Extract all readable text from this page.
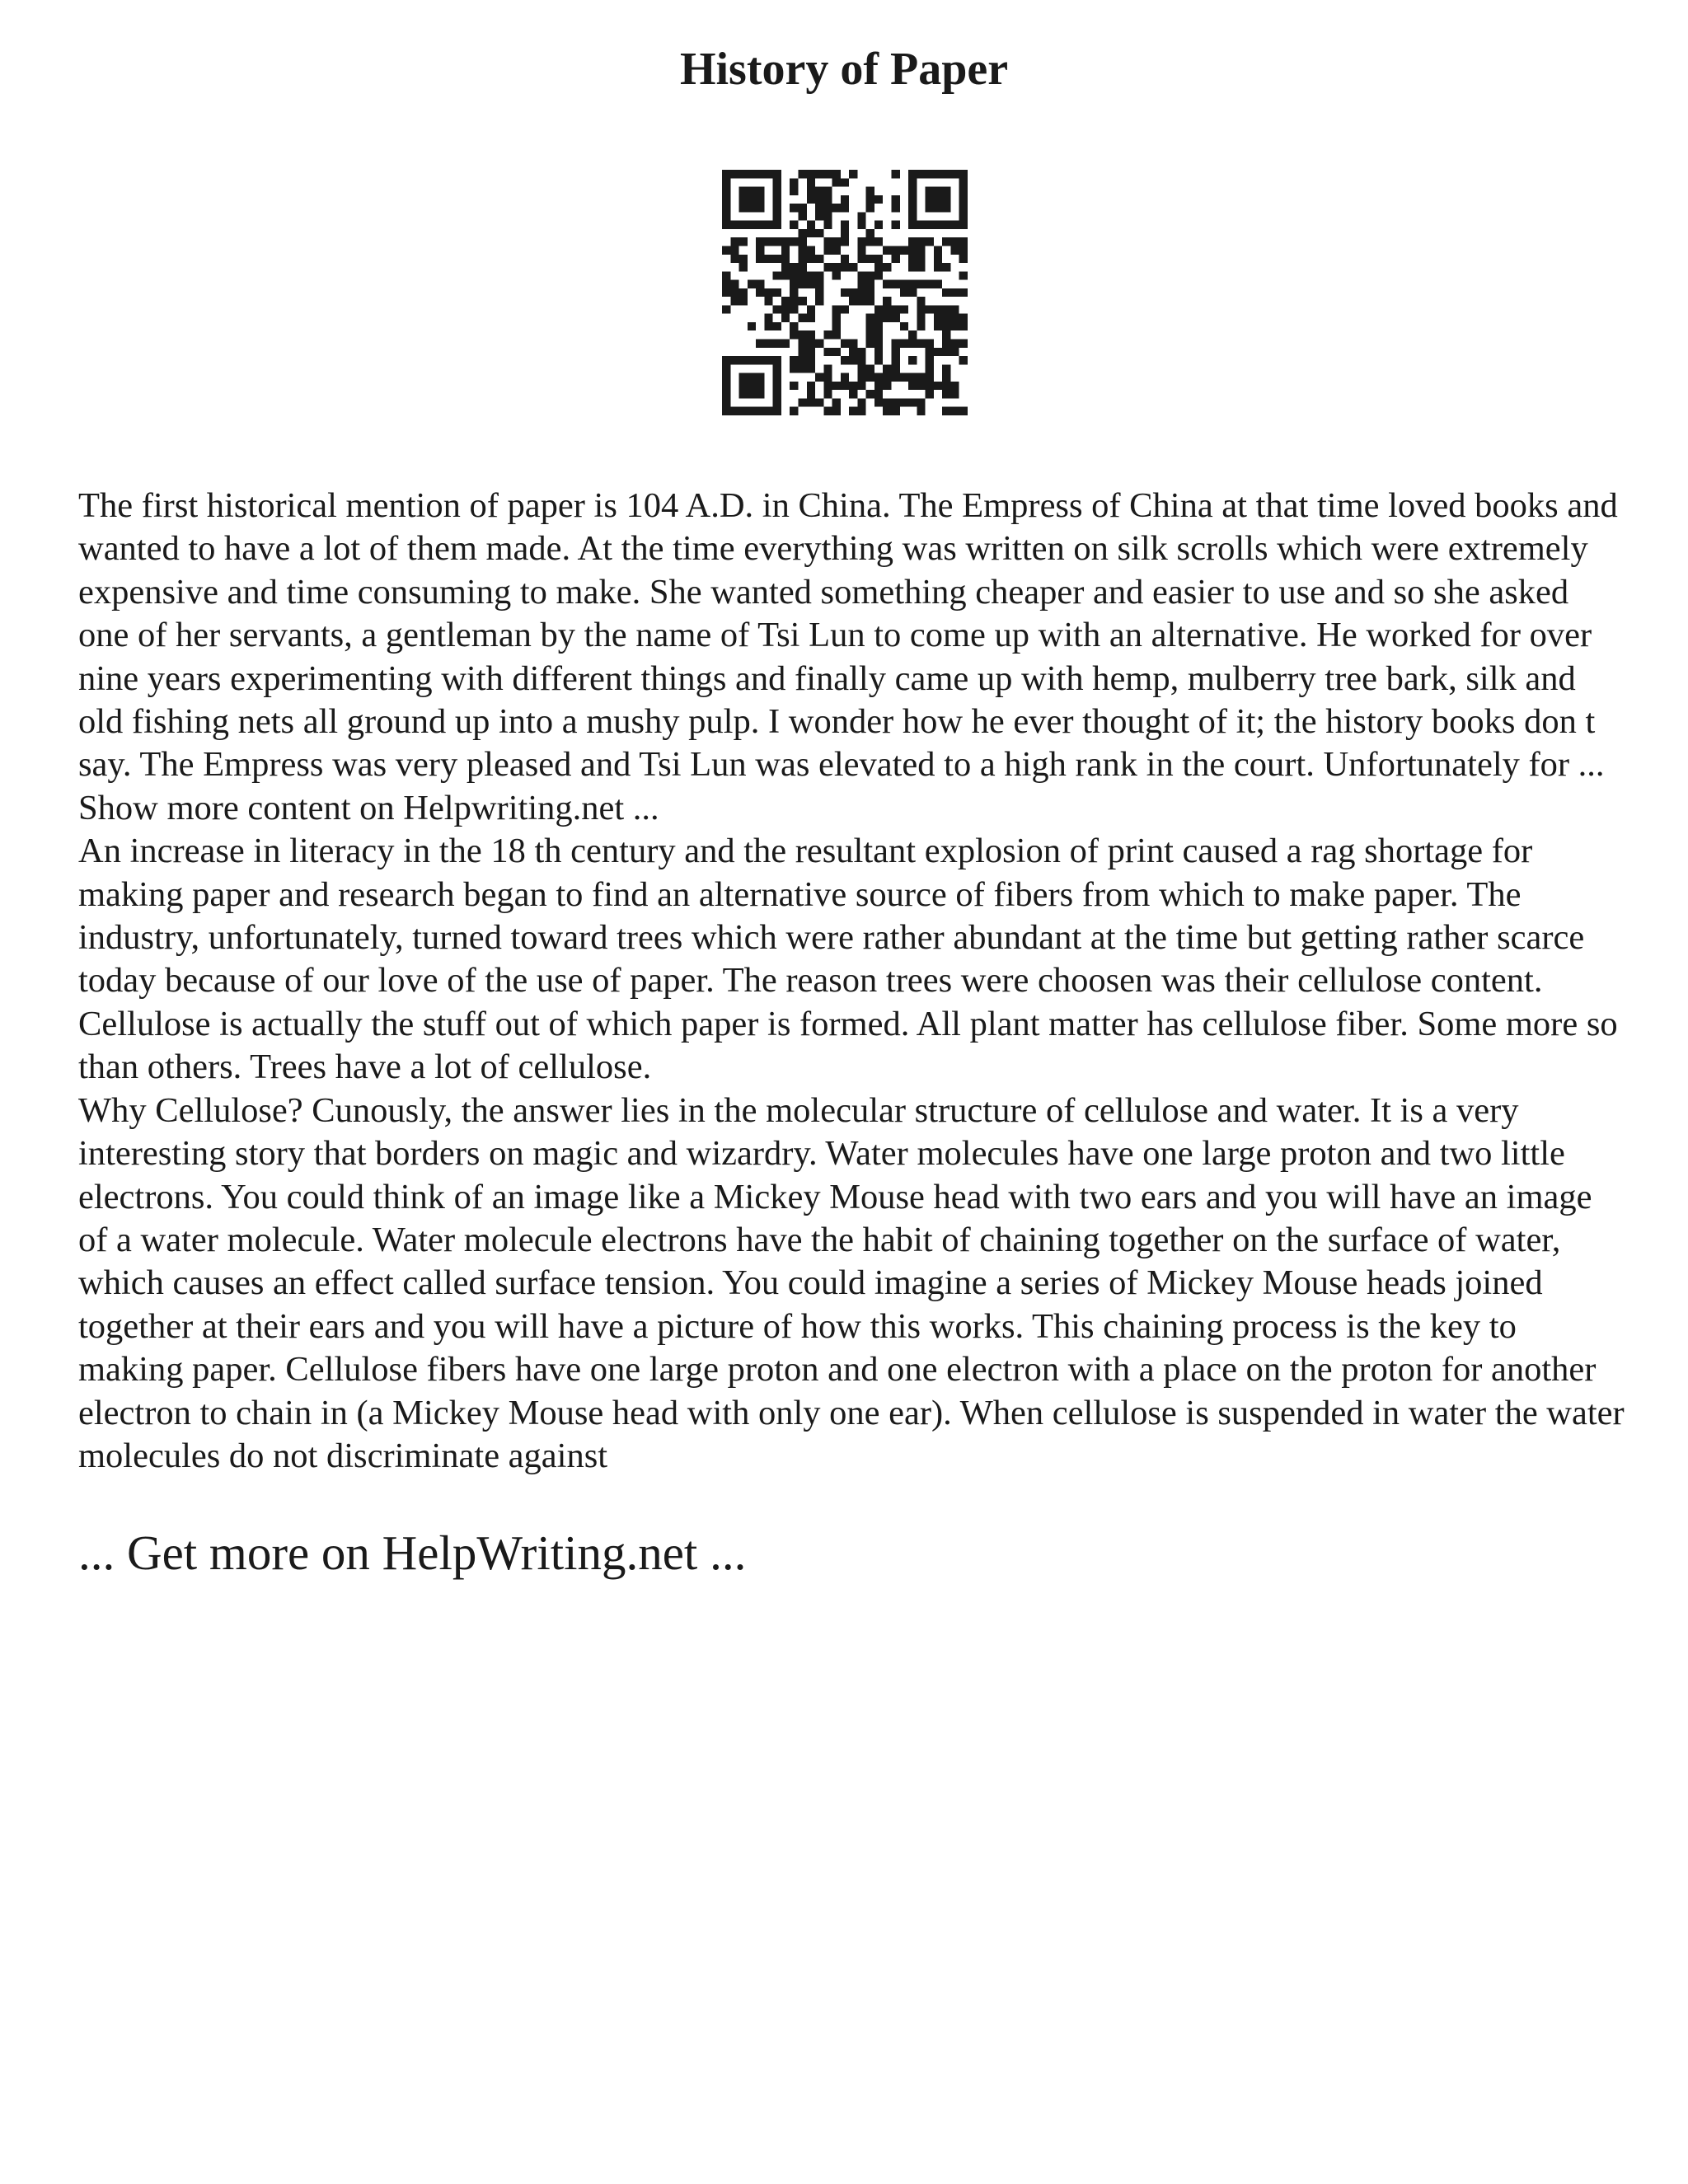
History of Paper

The first historical mention of paper is 104 A.D. in China. The Empress of China at that time loved books and wanted to have a lot of them made. At the time everything was written on silk scrolls which were extremely expensive and time consuming to make. She wanted something cheaper and easier to use and so she asked one of her servants, a gentleman by the name of Tsi Lun to come up with an alternative. He worked for over nine years experimenting with different things and finally came up with hemp, mulberry tree bark, silk and old fishing nets all ground up into a mushy pulp. I wonder how he ever thought of it; the history books don t say. The Empress was very pleased and Tsi Lun was elevated to a high rank in the court. Unfortunately for ... Show more content on Helpwriting.net ...

An increase in literacy in the 18 th century and the resultant explosion of print caused a rag shortage for making paper and research began to find an alternative source of fibers from which to make paper. The industry, unfortunately, turned toward trees which were rather abundant at the time but getting rather scarce today because of our love of the use of paper. The reason trees were choosen was their cellulose content. Cellulose is actually the stuff out of which paper is formed. All plant matter has cellulose fiber. Some more so than others. Trees have a lot of cellulose.

Why Cellulose? Cunously, the answer lies in the molecular structure of cellulose and water. It is a very interesting story that borders on magic and wizardry. Water molecules have one large proton and two little electrons. You could think of an image like a Mickey Mouse head with two ears and you will have an image of a water molecule. Water molecule electrons have the habit of chaining together on the surface of water, which causes an effect called surface tension. You could imagine a series of Mickey Mouse heads joined together at their ears and you will have a picture of how this works. This chaining process is the key to making paper. Cellulose fibers have one large proton and one electron with a place on the proton for another electron to chain in (a Mickey Mouse head with only one ear). When cellulose is suspended in water the water molecules do not discriminate against

... Get more on HelpWriting.net ...
